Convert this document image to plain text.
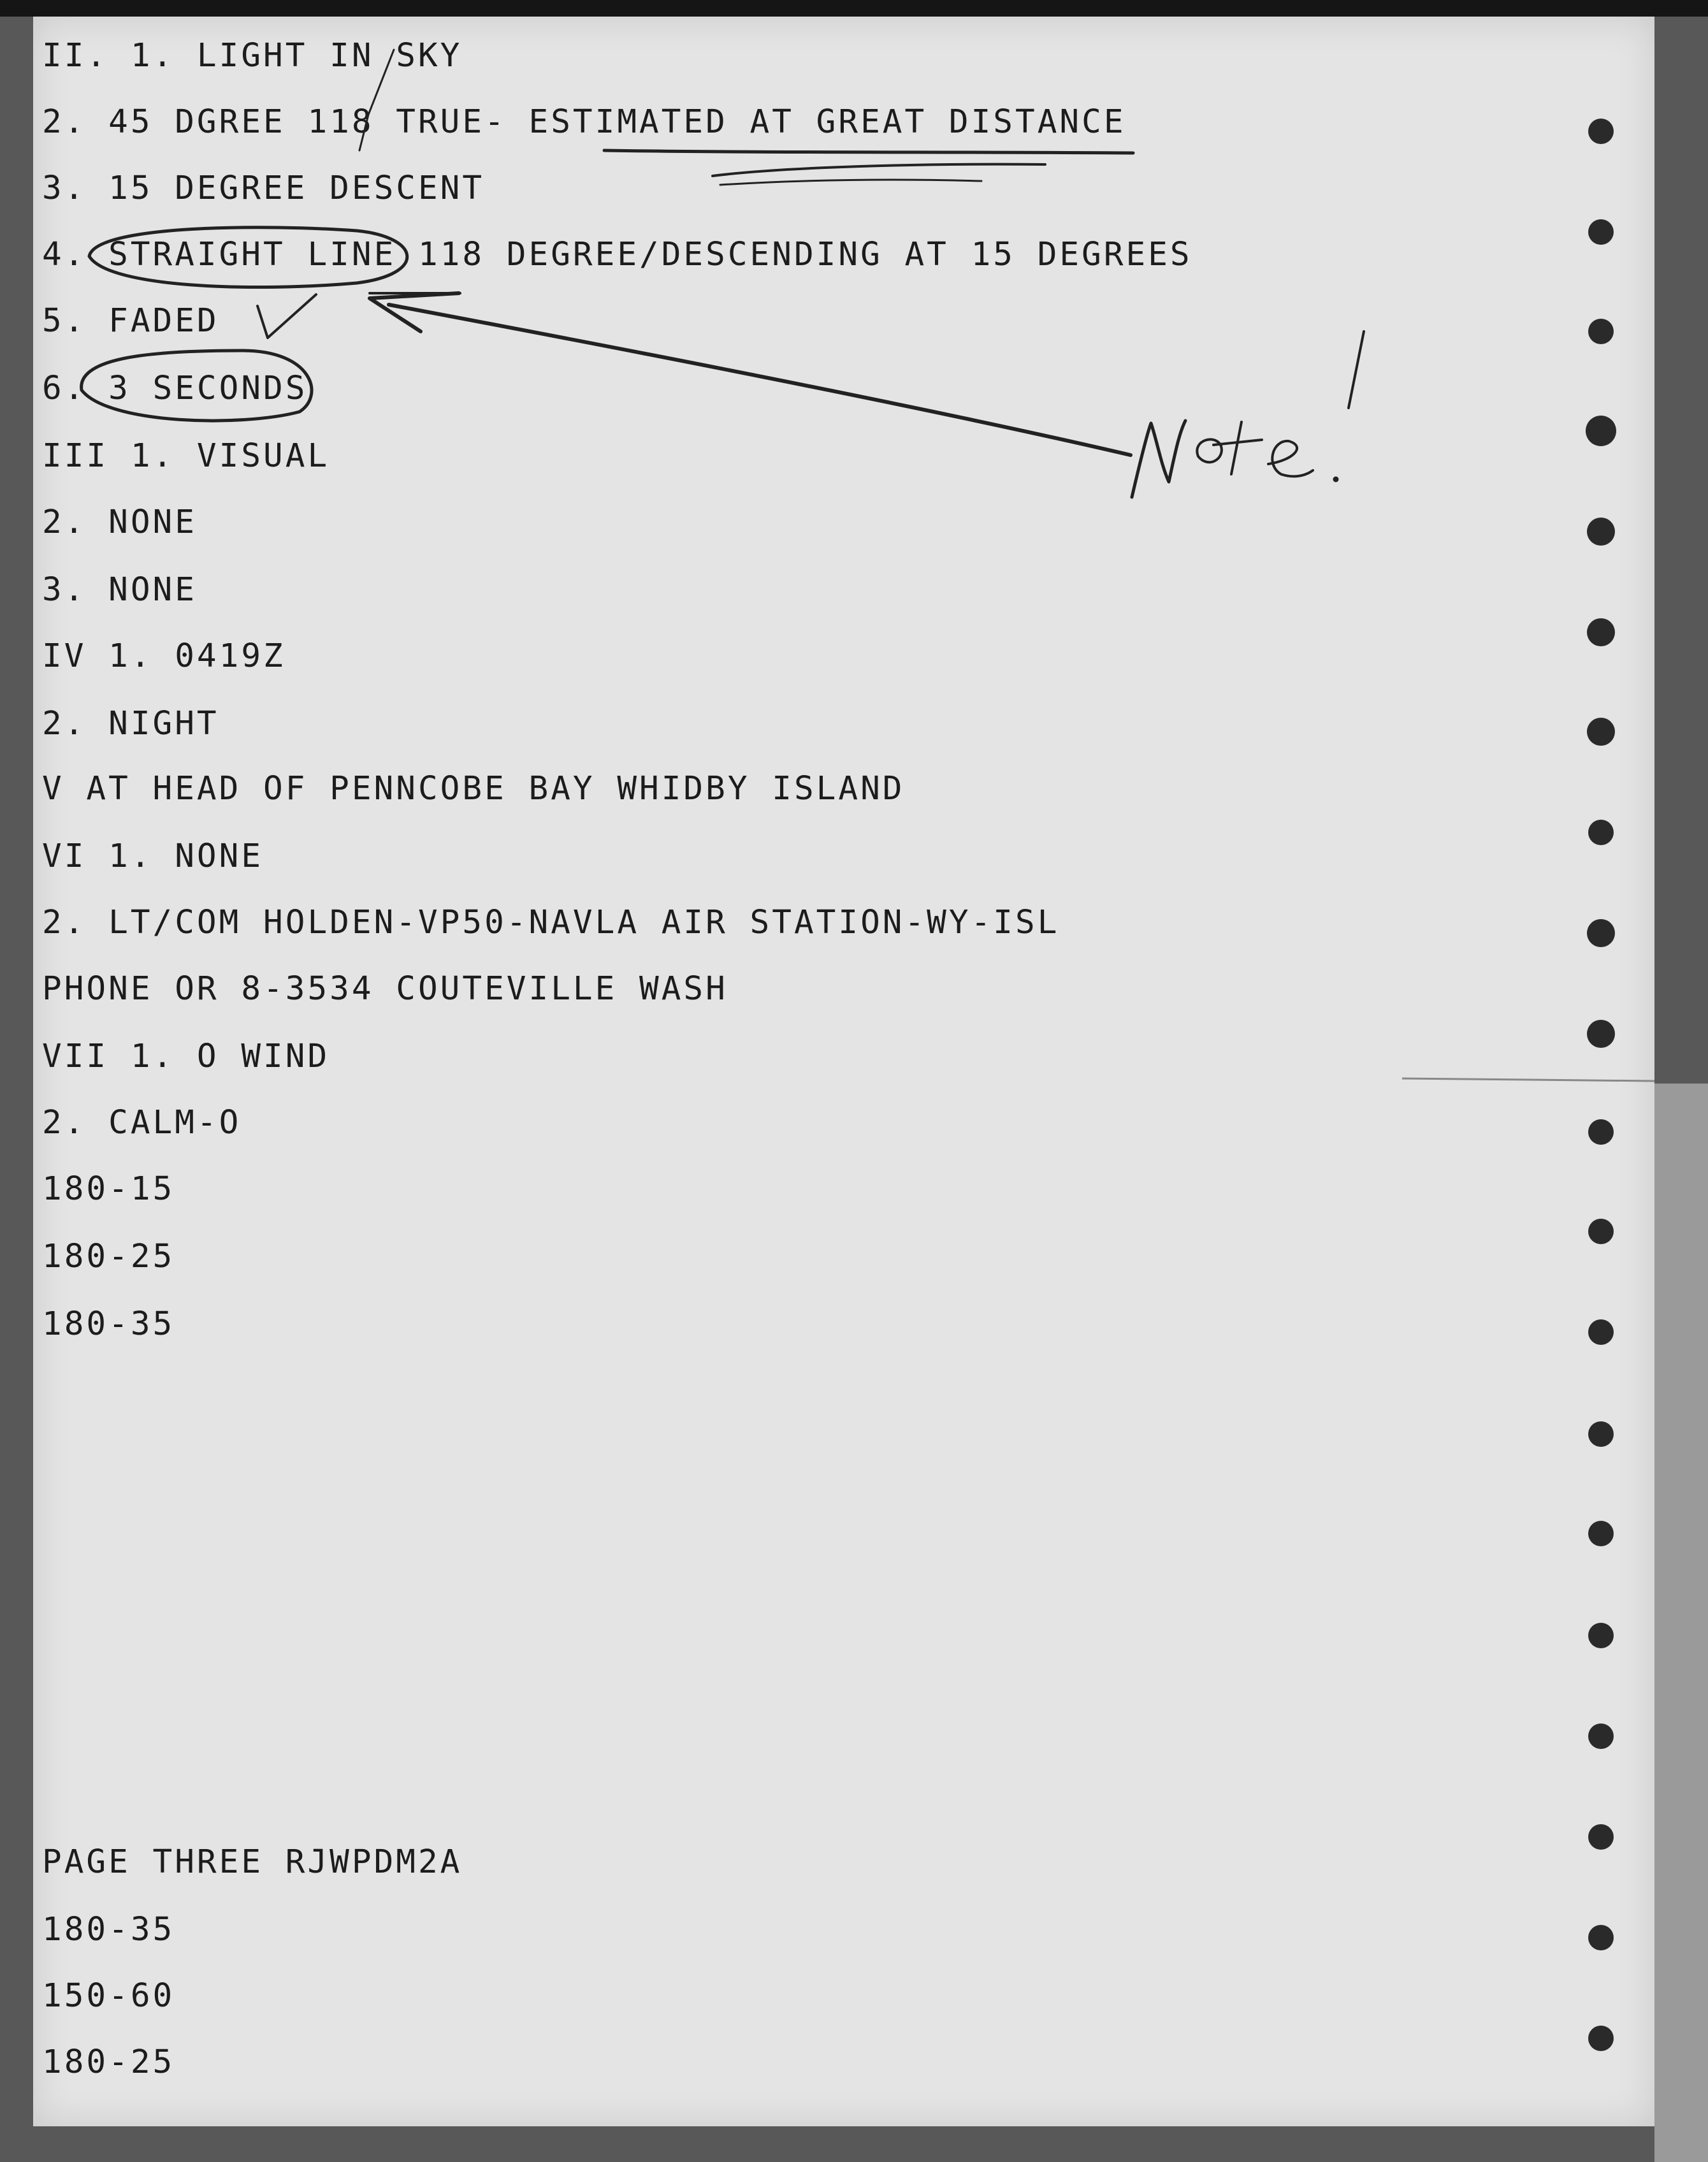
II. 1. LIGHT IN SKY
2. 45 DGREE 118 TRUE- ESTIMATED AT GREAT DISTANCE
3. 15 DEGREE DESCENT
4. STRAIGHT LINE 118 DEGREE/DESCENDING AT 15 DEGREES
5. FADED
6. 3 SECONDS
III 1. VISUAL
2. NONE
3. NONE
IV 1. 0419Z
2. NIGHT
V AT HEAD OF PENNCOBE BAY WHIDBY ISLAND
VI 1. NONE
2. LT/COM HOLDEN-VP50-NAVLA AIR STATION-WY-ISL
PHONE OR 8-3534 COUTEVILLE WASH
VII 1. O WIND
2. CALM-O
180-15
180-25
180-35
PAGE THREE RJWPDM2A
180-35
150-60
180-25
